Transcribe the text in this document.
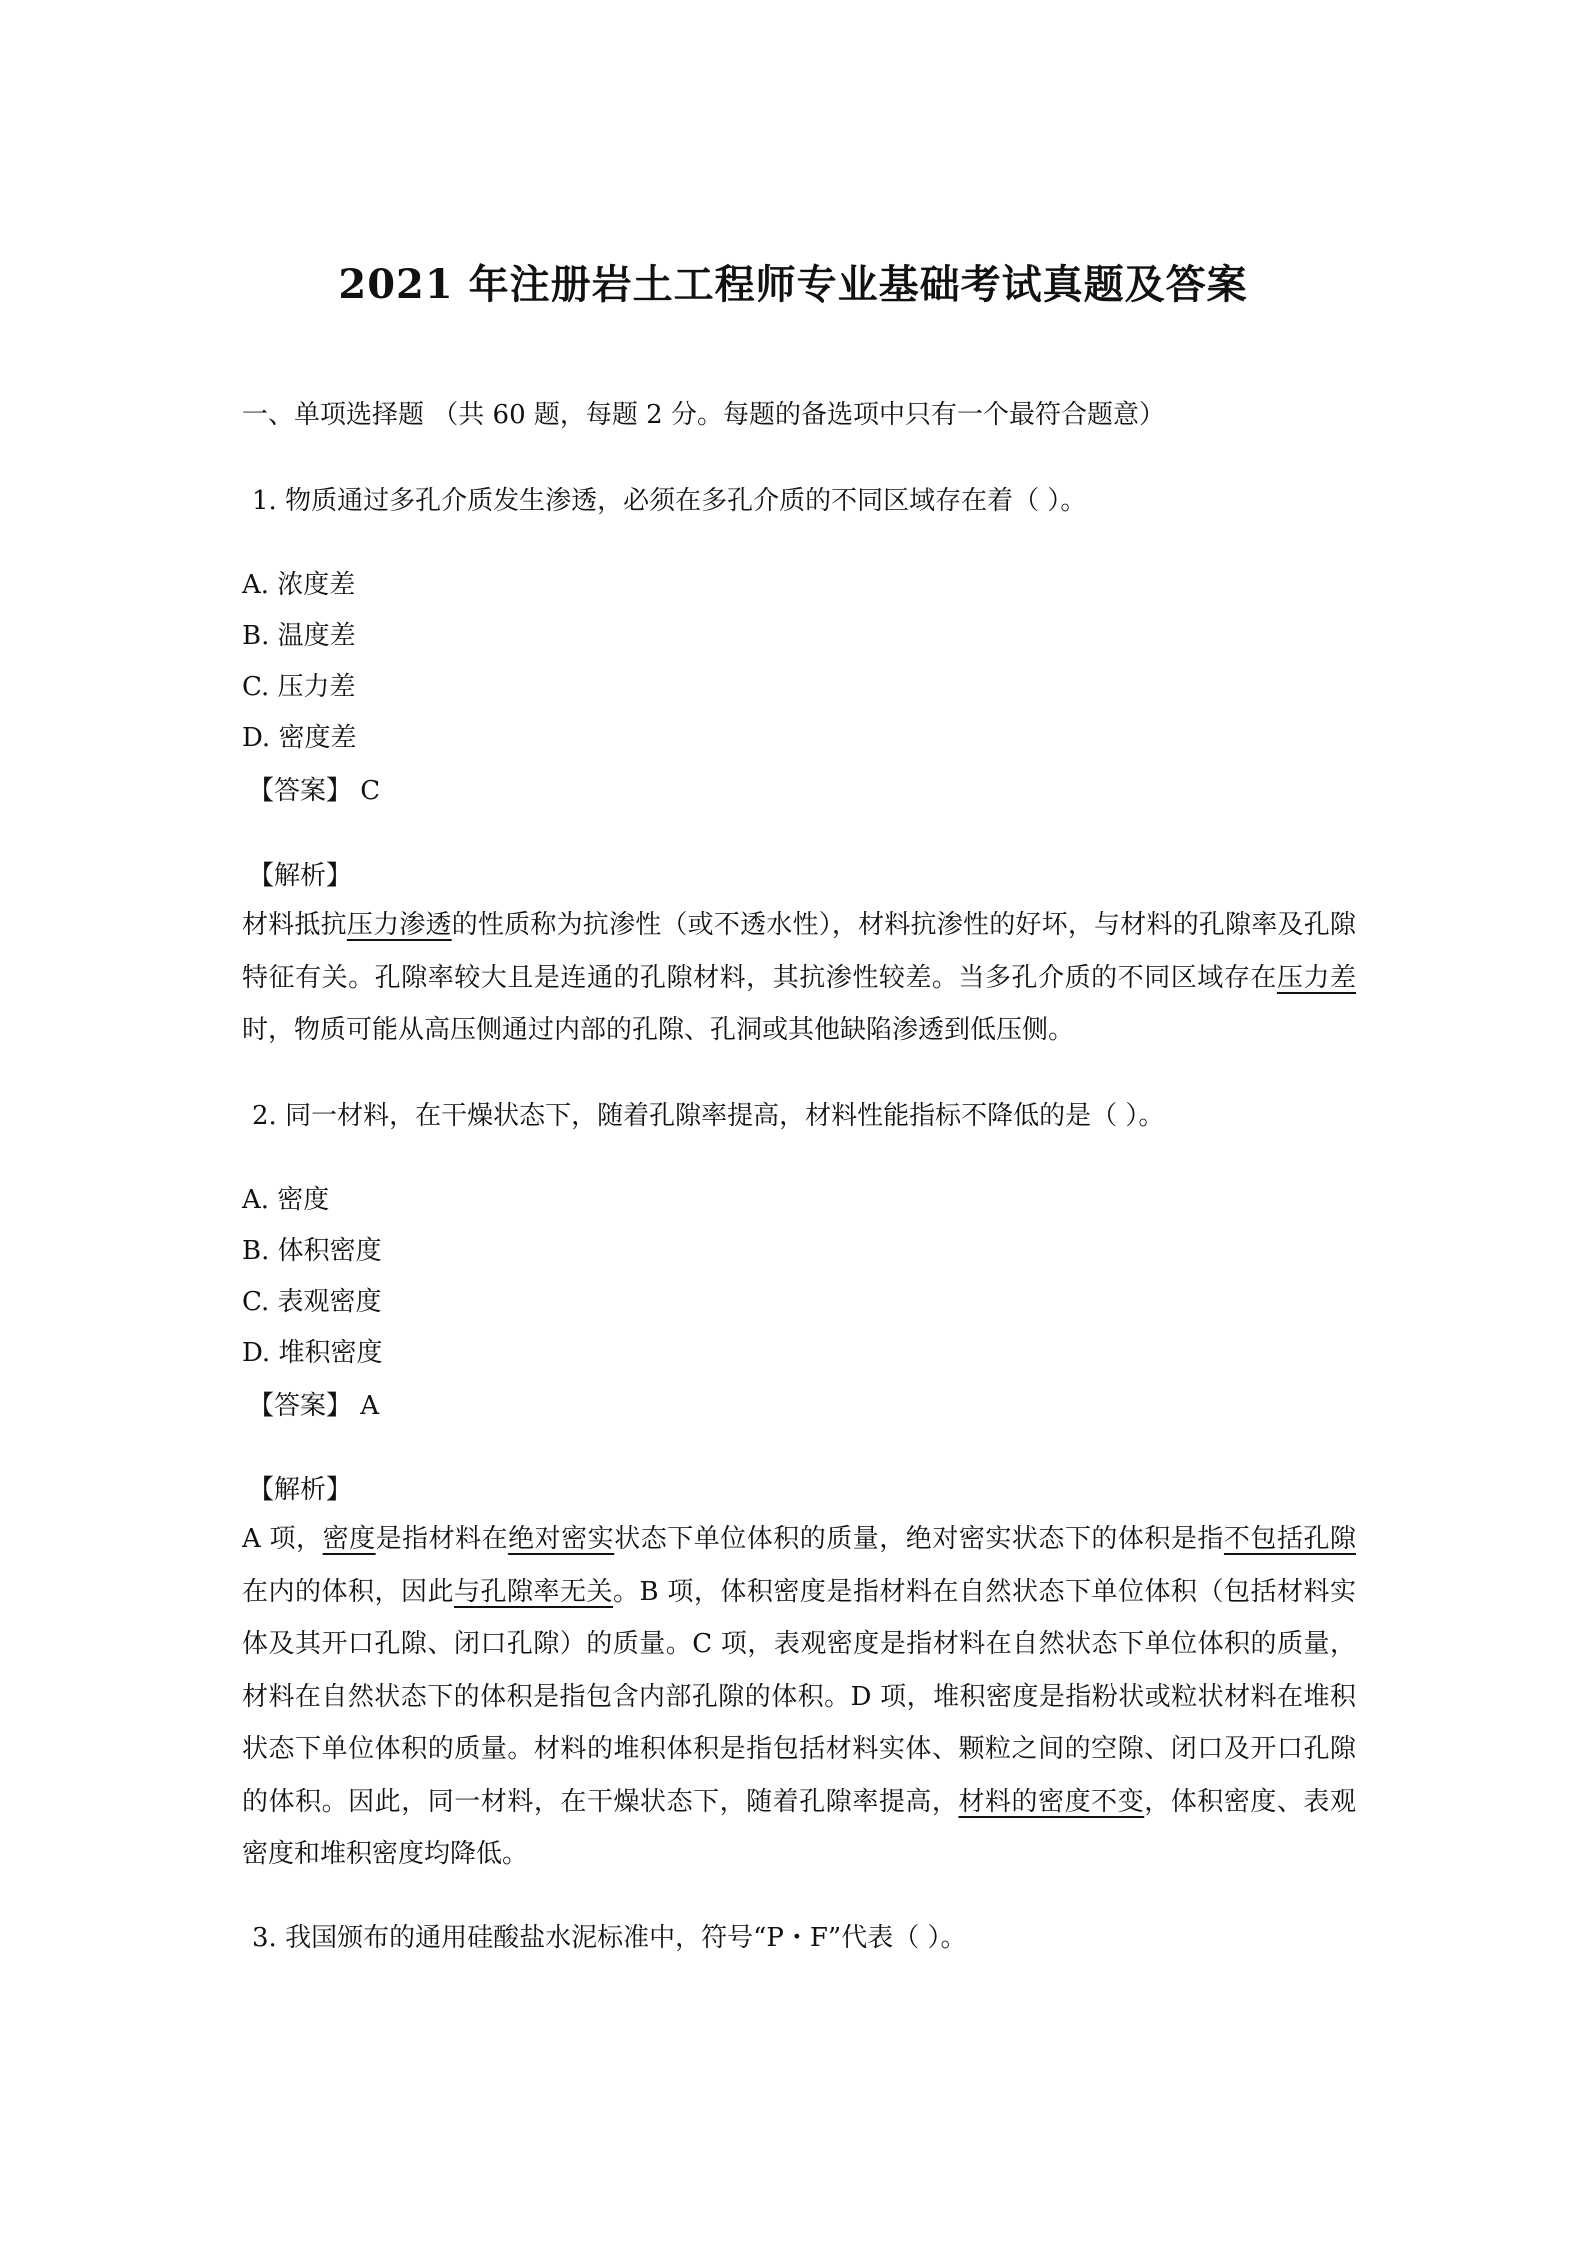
2021 年注册岩土工程师专业基础考试真题及答案
一、单项选择题 （共 60 题，每题 2 分。每题的备选项中只有一个最符合题意）
1. 物质通过多孔介质发生渗透，必须在多孔介质的不同区域存在着（ ）。
A. 浓度差
B. 温度差
C. 压力差
D. 密度差
【答案】 C
【解析】
材料抵抗压力渗透的性质称为抗渗性（或不透水性），材料抗渗性的好坏，与材料的孔隙率及孔隙特征有关。孔隙率较大且是连通的孔隙材料，其抗渗性较差。当多孔介质的不同区域存在压力差时，物质可能从高压侧通过内部的孔隙、孔洞或其他缺陷渗透到低压侧。
2. 同一材料，在干燥状态下，随着孔隙率提高，材料性能指标不降低的是（ ）。
A. 密度
B. 体积密度
C. 表观密度
D. 堆积密度
【答案】 A
【解析】
A 项，密度是指材料在绝对密实状态下单位体积的质量，绝对密实状态下的体积是指不包括孔隙在内的体积，因此与孔隙率无关。B 项，体积密度是指材料在自然状态下单位体积（包括材料实体及其开口孔隙、闭口孔隙）的质量。C 项，表观密度是指材料在自然状态下单位体积的质量，材料在自然状态下的体积是指包含内部孔隙的体积。D 项，堆积密度是指粉状或粒状材料在堆积状态下单位体积的质量。材料的堆积体积是指包括材料实体、颗粒之间的空隙、闭口及开口孔隙的体积。因此，同一材料，在干燥状态下，随着孔隙率提高，材料的密度不变，体积密度、表观密度和堆积密度均降低。
3. 我国颁布的通用硅酸盐水泥标准中，符号“P・F”代表（ ）。
